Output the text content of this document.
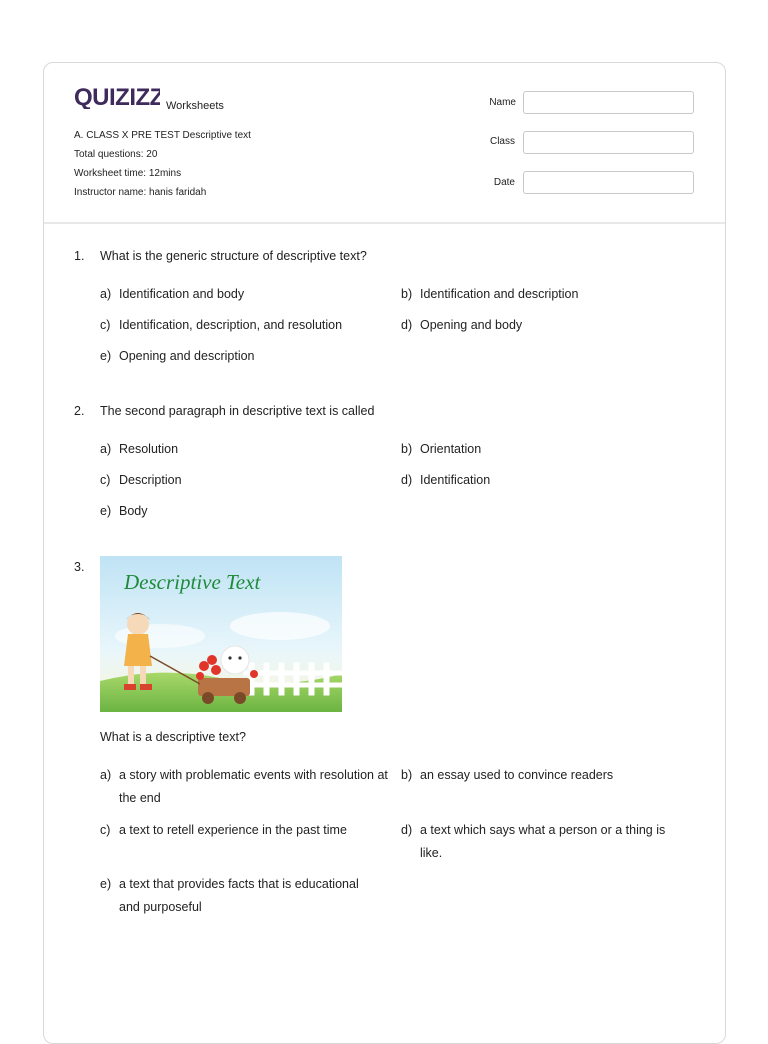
QUIZIZZ Worksheets
A. CLASS X PRE TEST Descriptive text
Total questions: 20
Worksheet time: 12mins
Instructor name: hanis faridah
Name
Class
Date
1. What is the generic structure of descriptive text?
a) Identification and body	b) Identification and description
c) Identification, description, and resolution	d) Opening and body
e) Opening and description
2. The second paragraph in descriptive text is called
a) Resolution	b) Orientation
c) Description	d) Identification
e) Body
3.
Descriptive Text
What is a descriptive text?
a) a story with problematic events with resolution at the end
b) an essay used to convince readers
c) a text to retell experience in the past time	d) a text which says what a person or a thing is like.
e) a text that provides facts that is educational and purposeful
